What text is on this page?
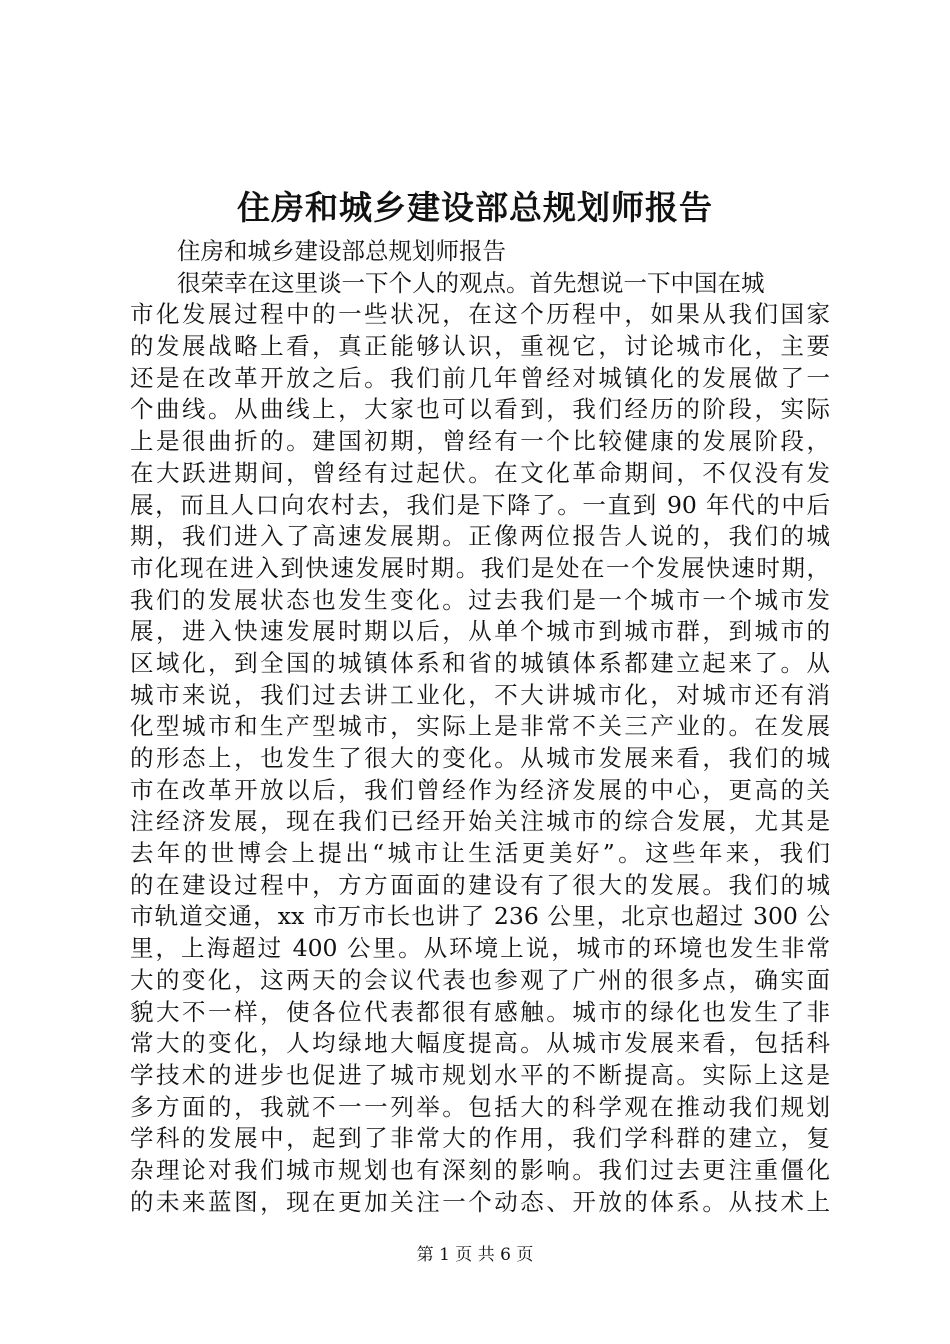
住房和城乡建设部总规划师报告
住房和城乡建设部总规划师报告
很荣幸在这里谈一下个人的观点。首先想说一下中国在城
市化发展过程中的一些状况，在这个历程中，如果从我们国家
的发展战略上看，真正能够认识，重视它，讨论城市化，主要
还是在改革开放之后。我们前几年曾经对城镇化的发展做了一
个曲线。从曲线上，大家也可以看到，我们经历的阶段，实际
上是很曲折的。建国初期，曾经有一个比较健康的发展阶段，
在大跃进期间，曾经有过起伏。在文化革命期间，不仅没有发
展，而且人口向农村去，我们是下降了。一直到 90 年代的中后
期，我们进入了高速发展期。正像两位报告人说的，我们的城
市化现在进入到快速发展时期。我们是处在一个发展快速时期，
我们的发展状态也发生变化。过去我们是一个城市一个城市发
展，进入快速发展时期以后，从单个城市到城市群，到城市的
区域化，到全国的城镇体系和省的城镇体系都建立起来了。从
城市来说，我们过去讲工业化，不大讲城市化，对城市还有消
化型城市和生产型城市，实际上是非常不关三产业的。在发展
的形态上，也发生了很大的变化。从城市发展来看，我们的城
市在改革开放以后，我们曾经作为经济发展的中心，更高的关
注经济发展，现在我们已经开始关注城市的综合发展，尤其是
去年的世博会上提出“城市让生活更美好”。这些年来，我们
的在建设过程中，方方面面的建设有了很大的发展。我们的城
市轨道交通，xx 市万市长也讲了 236 公里，北京也超过 300 公
里，上海超过 400 公里。从环境上说，城市的环境也发生非常
大的变化，这两天的会议代表也参观了广州的很多点，确实面
貌大不一样，使各位代表都很有感触。城市的绿化也发生了非
常大的变化，人均绿地大幅度提高。从城市发展来看，包括科
学技术的进步也促进了城市规划水平的不断提高。实际上这是
多方面的，我就不一一列举。包括大的科学观在推动我们规划
学科的发展中，起到了非常大的作用，我们学科群的建立，复
杂理论对我们城市规划也有深刻的影响。我们过去更注重僵化
的未来蓝图，现在更加关注一个动态、开放的体系。从技术上
第 1 页 共 6 页
